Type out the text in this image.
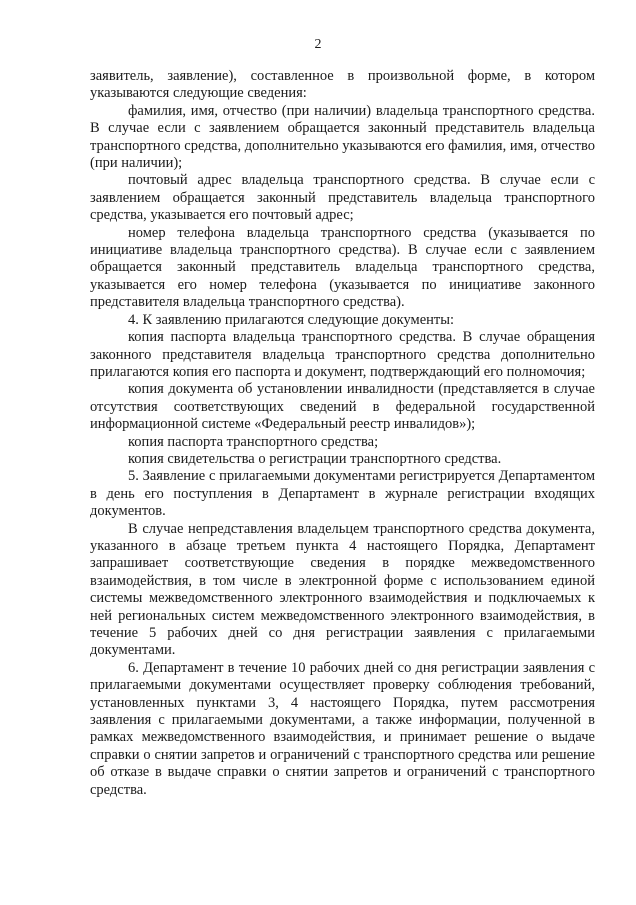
2

заявитель, заявление), составленное в произвольной форме, в котором указываются следующие сведения:

фамилия, имя, отчество (при наличии) владельца транспортного средства. В случае если с заявлением обращается законный представитель владельца транспортного средства, дополнительно указываются его фамилия, имя, отчество (при наличии);

почтовый адрес владельца транспортного средства. В случае если с заявлением обращается законный представитель владельца транспортного средства, указывается его почтовый адрес;

номер телефона владельца транспортного средства (указывается по инициативе владельца транспортного средства). В случае если с заявлением обращается законный представитель владельца транспортного средства, указывается его номер телефона (указывается по инициативе законного представителя владельца транспортного средства).

4. К заявлению прилагаются следующие документы:

копия паспорта владельца транспортного средства. В случае обращения законного представителя владельца транспортного средства дополнительно прилагаются копия его паспорта и документ, подтверждающий его полномочия;

копия документа об установлении инвалидности (представляется в случае отсутствия соответствующих сведений в федеральной государственной информационной системе «Федеральный реестр инвалидов»);

копия паспорта транспортного средства;

копия свидетельства о регистрации транспортного средства.

5. Заявление с прилагаемыми документами регистрируется Департаментом в день его поступления в Департамент в журнале регистрации входящих документов.

В случае непредставления владельцем транспортного средства документа, указанного в абзаце третьем пункта 4 настоящего Порядка, Департамент запрашивает соответствующие сведения в порядке межведомственного взаимодействия, в том числе в электронной форме с использованием единой системы межведомственного электронного взаимодействия и подключаемых к ней региональных систем межведомственного электронного взаимодействия, в течение 5 рабочих дней со дня регистрации заявления с прилагаемыми документами.

6. Департамент в течение 10 рабочих дней со дня регистрации заявления с прилагаемыми документами осуществляет проверку соблюдения требований, установленных пунктами 3, 4 настоящего Порядка, путем рассмотрения заявления с прилагаемыми документами, а также информации, полученной в рамках межведомственного взаимодействия, и принимает решение о выдаче справки о снятии запретов и ограничений с транспортного средства или решение об отказе в выдаче справки о снятии запретов и ограничений с транспортного средства.
